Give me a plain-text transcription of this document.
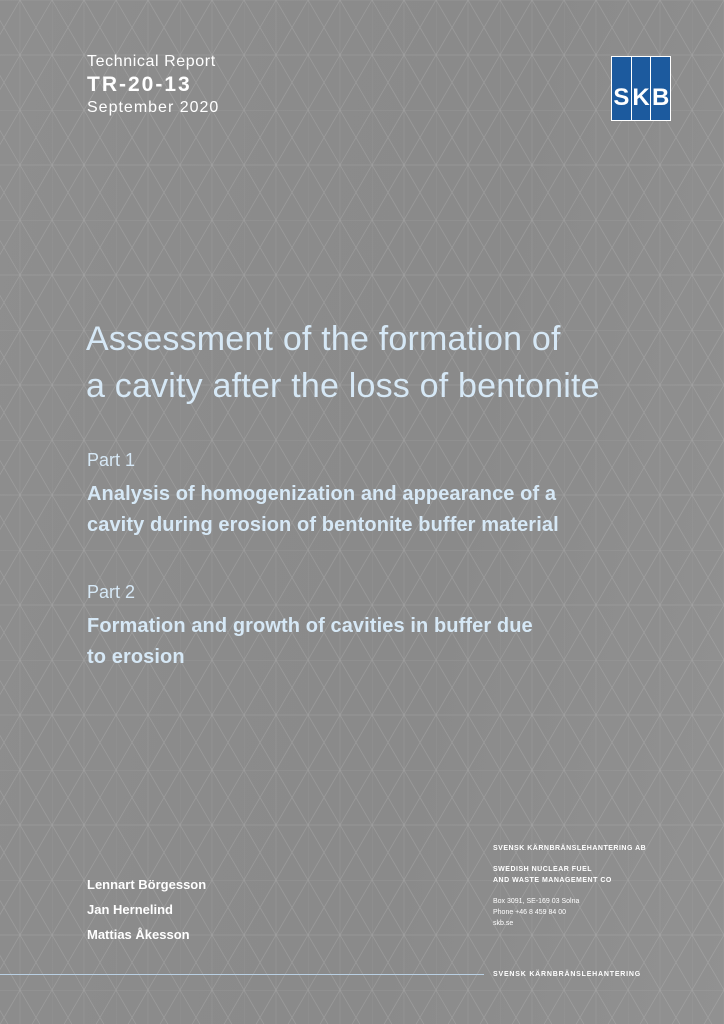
Technical Report
TR-20-13
September 2020	S K B
Assessment of the formation of
a cavity after the loss of bentonite
Part 1
Analysis of homogenization and appearance of a
cavity during erosion of bentonite buffer material
Part 2
Formation and growth of cavities in buffer due
to erosion
Lennart Börgesson
Jan Hernelind
Mattias Åkesson
SVENSK KÄRNBRÄNSLEHANTERING AB
SWEDISH NUCLEAR FUEL
AND WASTE MANAGEMENT CO
Box 3091, SE-169 03 Solna
Phone +46 8 459 84 00
skb.se
SVENSK KÄRNBRÄNSLEHANTERING
